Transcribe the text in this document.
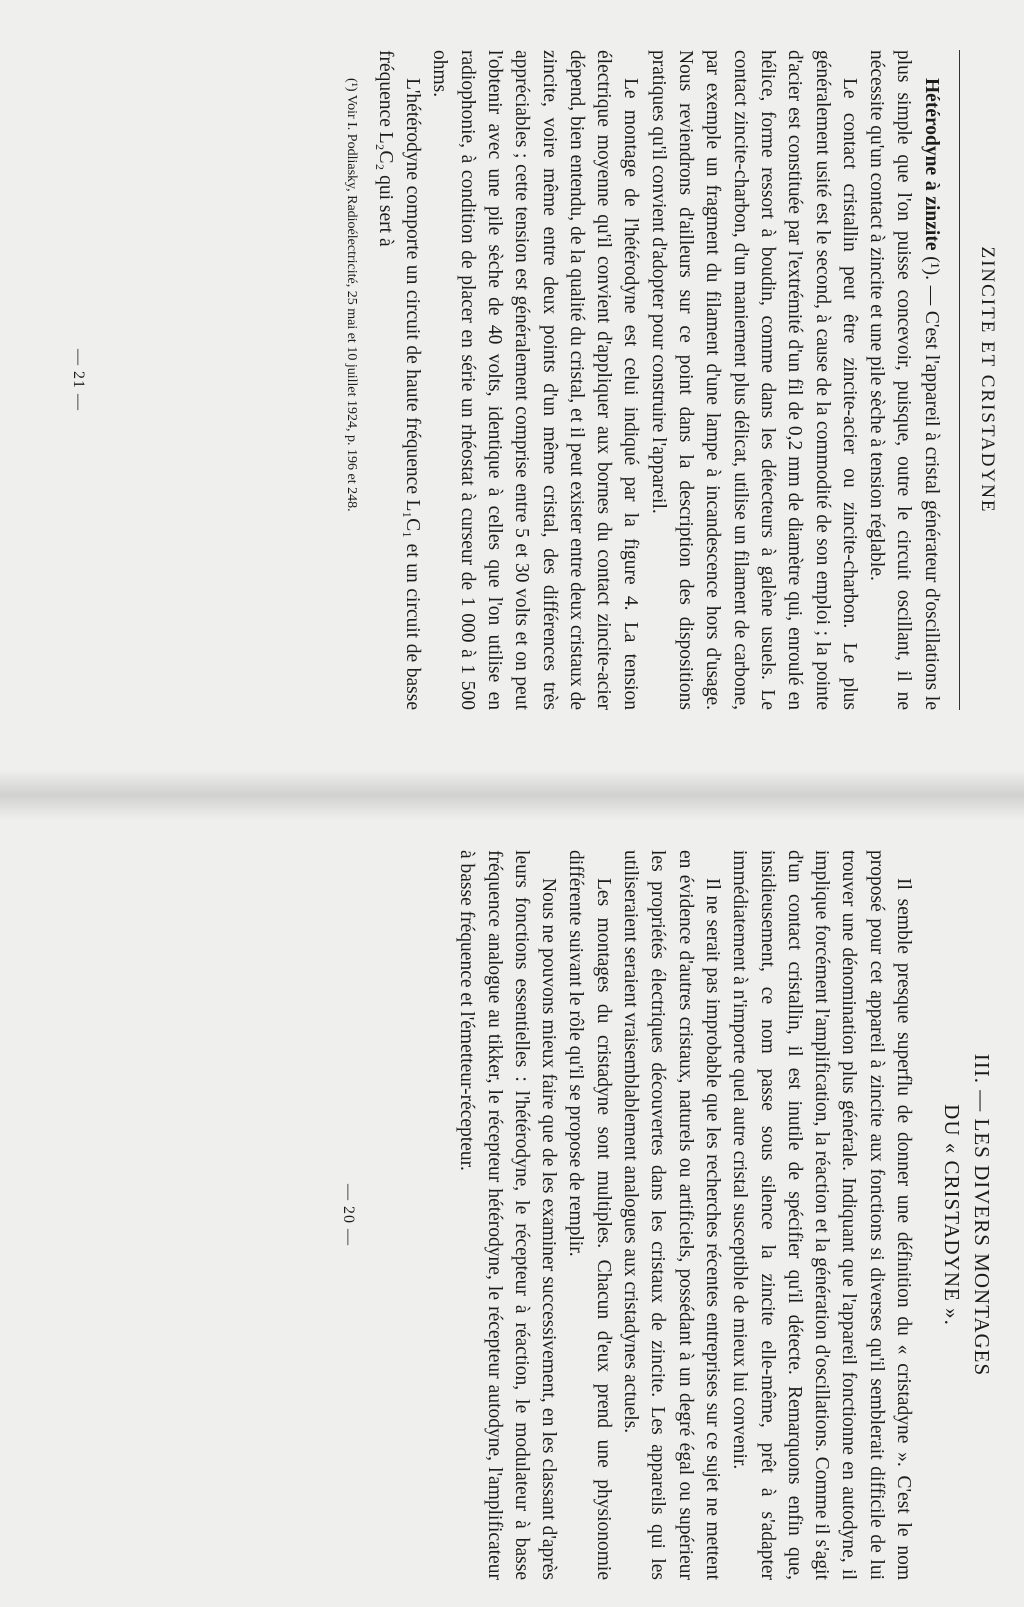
ZINCITE ET CRISTADYNE

Hétérodyne à zinzite (¹). — C'est l'appareil à cristal générateur d'oscillations le plus simple que l'on puisse concevoir, puisque, outre le circuit oscillant, il ne nécessite qu'un contact à zincite et une pile sèche à tension réglable.

Le contact cristallin peut être zincite-acier ou zincite-charbon. Le plus généralement usité est le second, à cause de la commodité de son emploi ; la pointe d'acier est constituée par l'extrémité d'un fil de 0,2 mm de diamètre qui, enroulé en hélice, forme ressort à boudin, comme dans les détecteurs à galène usuels. Le contact zincite-charbon, d'un maniement plus délicat, utilise un filament de carbone, par exemple un fragment du filament d'une lampe à incandescence hors d'usage. Nous reviendrons d'ailleurs sur ce point dans la description des dispositions pratiques qu'il convient d'adopter pour construire l'appareil.

Le montage de l'hétérodyne est celui indiqué par la figure 4. La tension électrique moyenne qu'il convient d'appliquer aux bornes du contact zincite-acier dépend, bien entendu, de la qualité du cristal, et il peut exister entre deux cristaux de zincite, voire même entre deux points d'un même cristal, des différences très appréciables ; cette tension est généralement comprise entre 5 et 30 volts et on peut l'obtenir avec une pile sèche de 40 volts, identique à celles que l'on utilise en radiophonie, à condition de placer en série un rhéostat à curseur de 1 000 à 1 500 ohms.

L'hétérodyne comporte un circuit de haute fréquence L₁C₁ et un circuit de basse fréquence L₂C₂ qui sert à

(¹) Voir I. Podliasky, Radioélectricité, 25 mai et 10 juillet 1924, p. 196 et 248.
— 21 —
III. — LES DIVERS MONTAGES
DU « CRISTADYNE ».

Il semble presque superflu de donner une définition du « cristadyne ». C'est le nom proposé pour cet appareil à zincite aux fonctions si diverses qu'il semblerait difficile de lui trouver une dénomination plus générale. Indiquant que l'appareil fonctionne en autodyne, il implique forcément l'amplification, la réaction et la génération d'oscillations. Comme il s'agit d'un contact cristallin, il est inutile de spécifier qu'il détecte. Remarquons enfin que, insidieusement, ce nom passe sous silence la zincite elle-même, prêt à s'adapter immédiatement à n'importe quel autre cristal susceptible de mieux lui convenir.

Il ne serait pas improbable que les recherches récentes entreprises sur ce sujet ne mettent en évidence d'autres cristaux, naturels ou artificiels, possédant à un degré égal ou supérieur les propriétés électriques découvertes dans les cristaux de zincite. Les appareils qui les utiliseraient seraient vraisemblablement analogues aux cristadynes actuels.

Les montages du cristadyne sont multiples. Chacun d'eux prend une physionomie différente suivant le rôle qu'il se propose de remplir.

Nous ne pouvons mieux faire que de les examiner successivement, en les classant d'après leurs fonctions essentielles : l'hétérodyne, le récepteur à réaction, le modulateur à basse fréquence analogue au tikker, le récepteur hétérodyne, le récepteur autodyne, l'amplificateur à basse fréquence et l'émetteur-récepteur.

— 20 —
